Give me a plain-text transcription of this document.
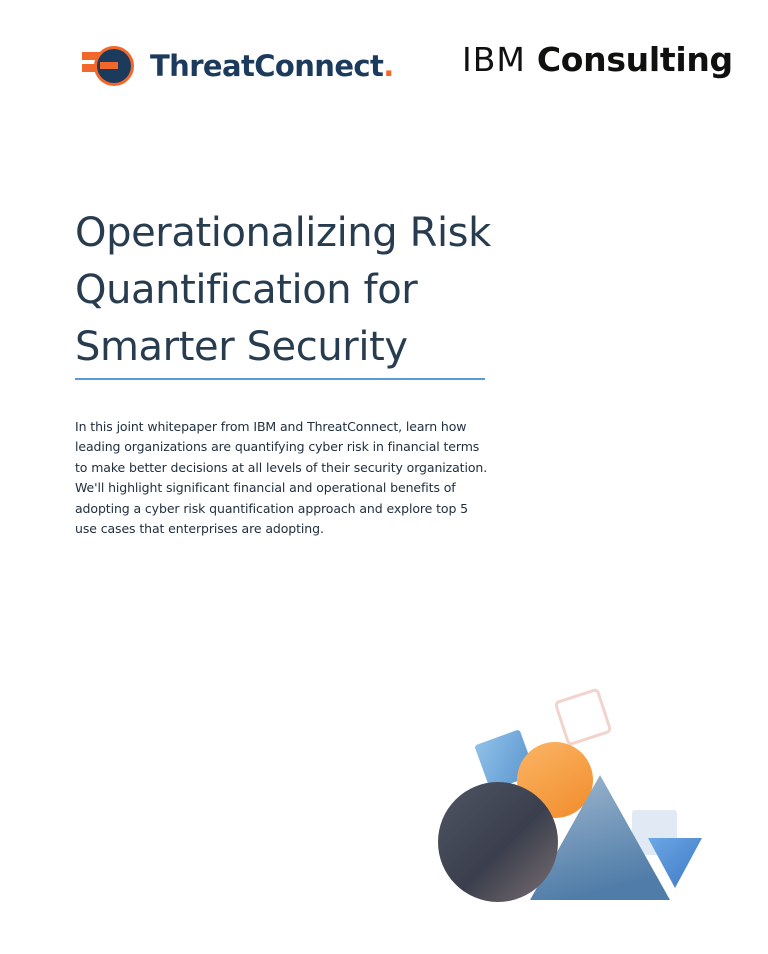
ThreatConnect. IBM Consulting
Operationalizing Risk Quantification for Smarter Security

In this joint whitepaper from IBM and ThreatConnect, learn how leading organizations are quantifying cyber risk in financial terms to make better decisions at all levels of their security organization. We'll highlight significant financial and operational benefits of adopting a cyber risk quantification approach and explore top 5 use cases that enterprises are adopting.
